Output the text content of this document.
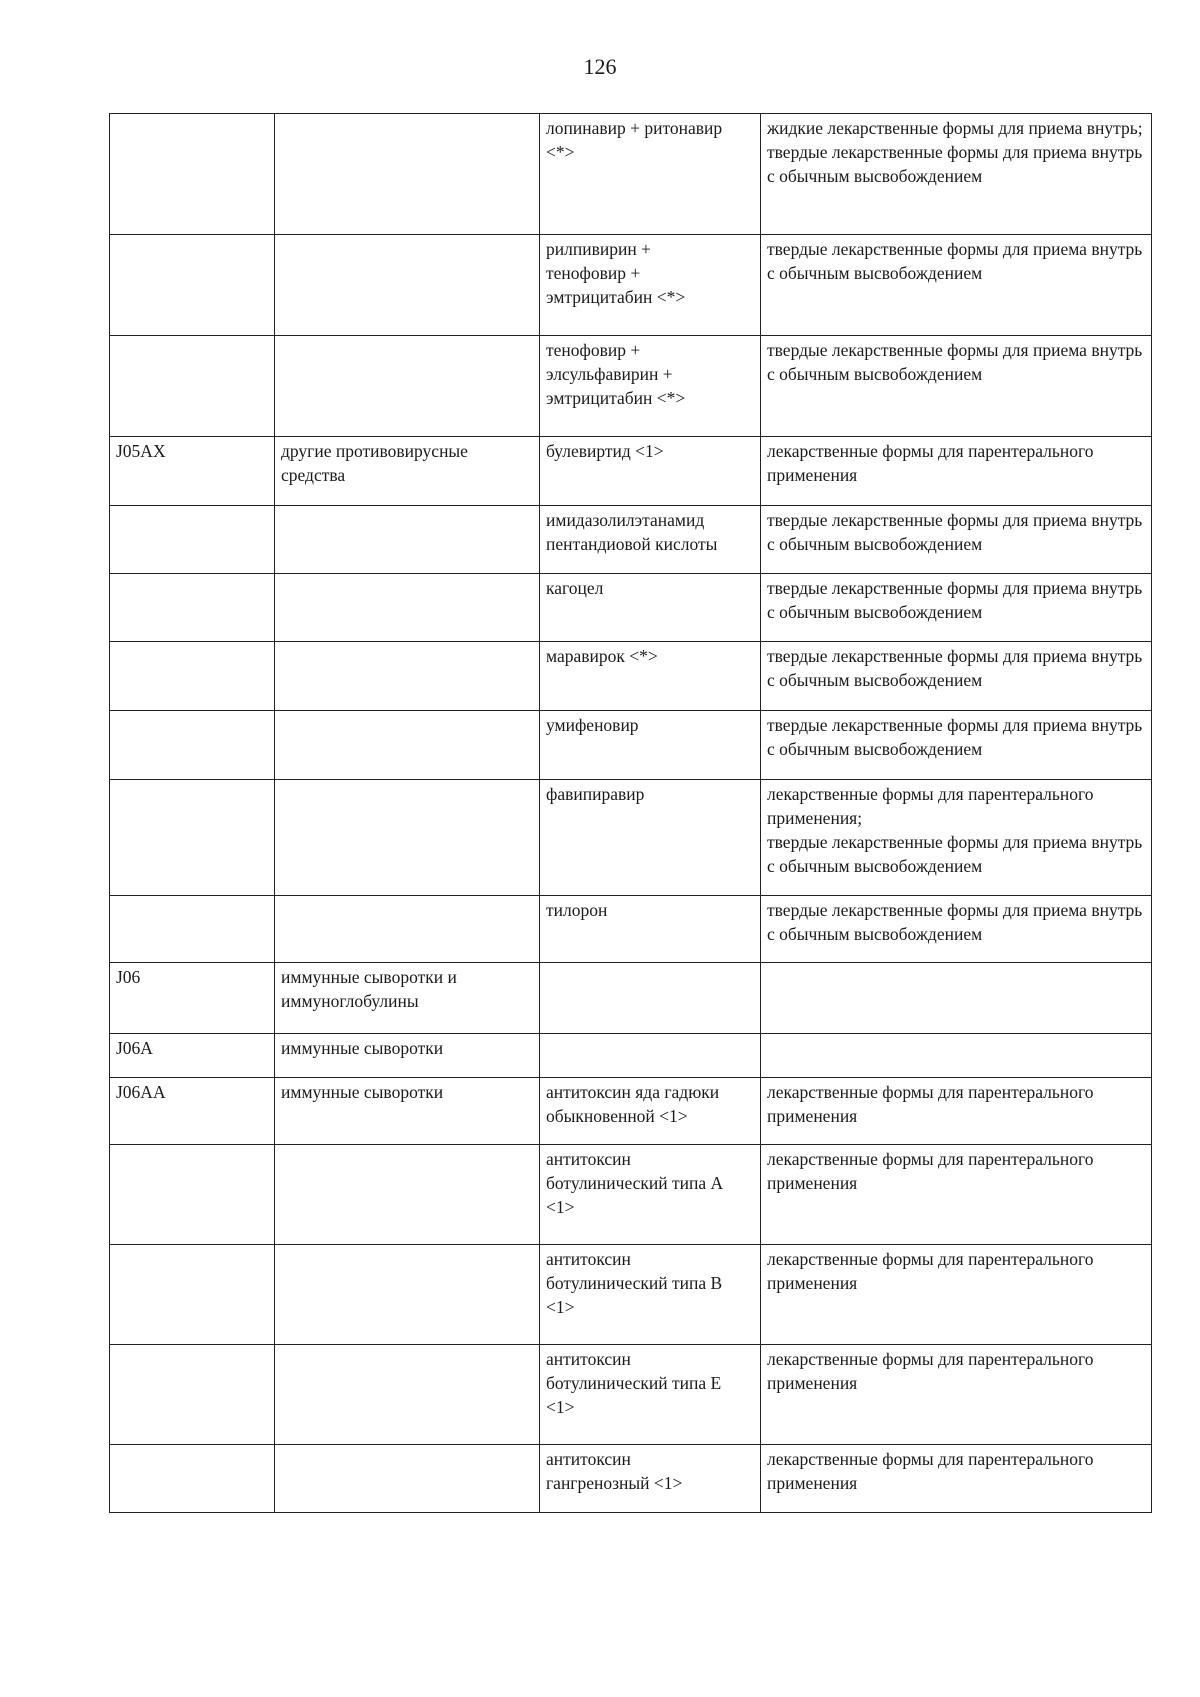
126

		лопинавир + ритонавир
<*>	жидкие лекарственные формы для приема внутрь;
твердые лекарственные формы для приема внутрь с обычным высвобождением

		рилпивирин +
тенофовир +
эмтрицитабин <*>	твердые лекарственные формы для приема внутрь с обычным высвобождением

		тенофовир +
элсульфавирин +
эмтрицитабин <*>	твердые лекарственные формы для приема внутрь с обычным высвобождением

J05AX	другие противовирусные средства	булевиртид <1>	лекарственные формы для парентерального применения

		имидазолилэтанамид
пентандиовой кислоты	твердые лекарственные формы для приема внутрь с обычным высвобождением

		кагоцел	твердые лекарственные формы для приема внутрь с обычным высвобождением

		маравирок <*>	твердые лекарственные формы для приема внутрь с обычным высвобождением

		умифеновир	твердые лекарственные формы для приема внутрь с обычным высвобождением

		фавипиравир	лекарственные формы для парентерального применения;
твердые лекарственные формы для приема внутрь с обычным высвобождением

		тилорон	твердые лекарственные формы для приема внутрь с обычным высвобождением

J06	иммунные сыворотки и иммуноглобулины		
J06A	иммунные сыворотки		
J06AA	иммунные сыворотки	антитоксин яда гадюки
обыкновенной <1>	лекарственные формы для парентерального применения

		антитоксин
ботулинический типа А
<1>	лекарственные формы для парентерального применения

		антитоксин
ботулинический типа В
<1>	лекарственные формы для парентерального применения

		антитоксин
ботулинический типа Е
<1>	лекарственные формы для парентерального применения

		антитоксин
гангренозный <1>	лекарственные формы для парентерального применения
